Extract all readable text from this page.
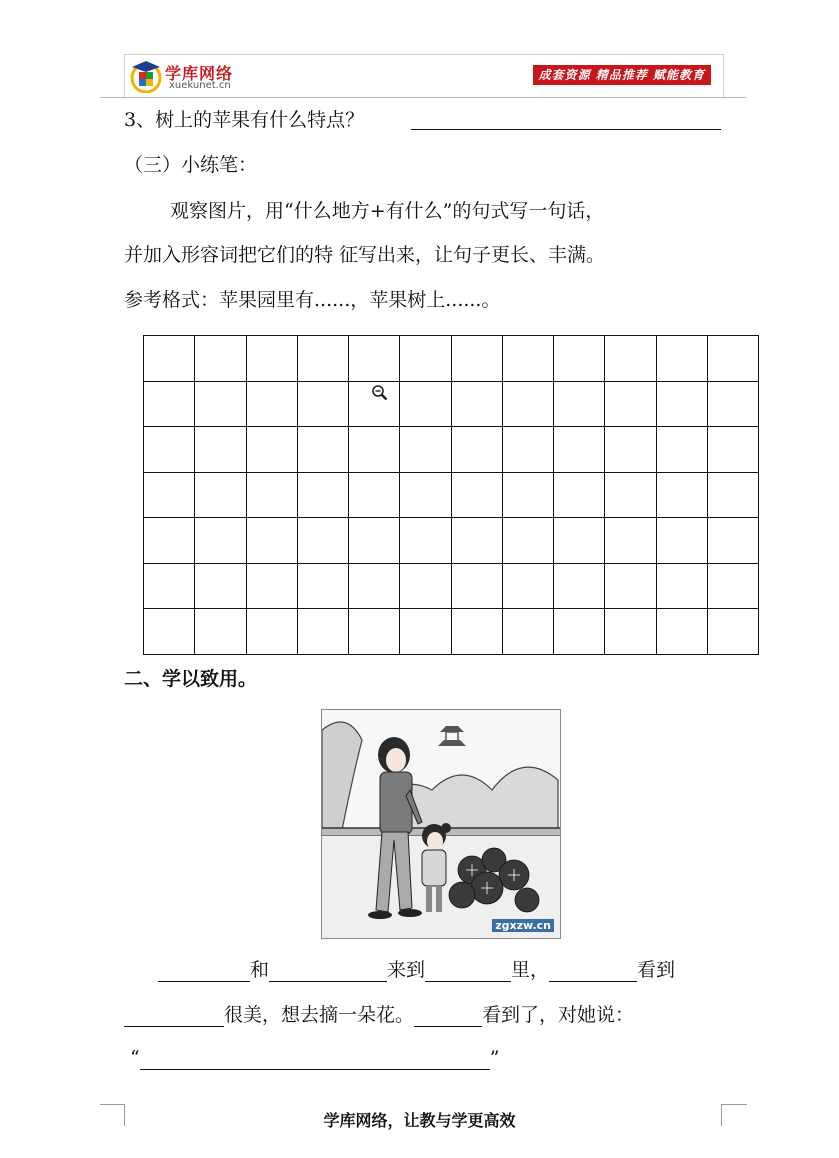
学库网络
xuekunet.cn
成套资源 精品推荐 赋能教育
3、树上的苹果有什么特点？
（三）小练笔：
观察图片，用“什么地方+有什么”的句式写一句话，
并加入形容词把它们的特 征写出来，让句子更长、丰满。
参考格式：苹果园里有......，苹果树上......。

二、学以致用。
zgxzw.cn
和	来到	里，	看到
很美，想去摘一朵花。	看到了，对她说：
“	”
学库网络，让教与学更高效
